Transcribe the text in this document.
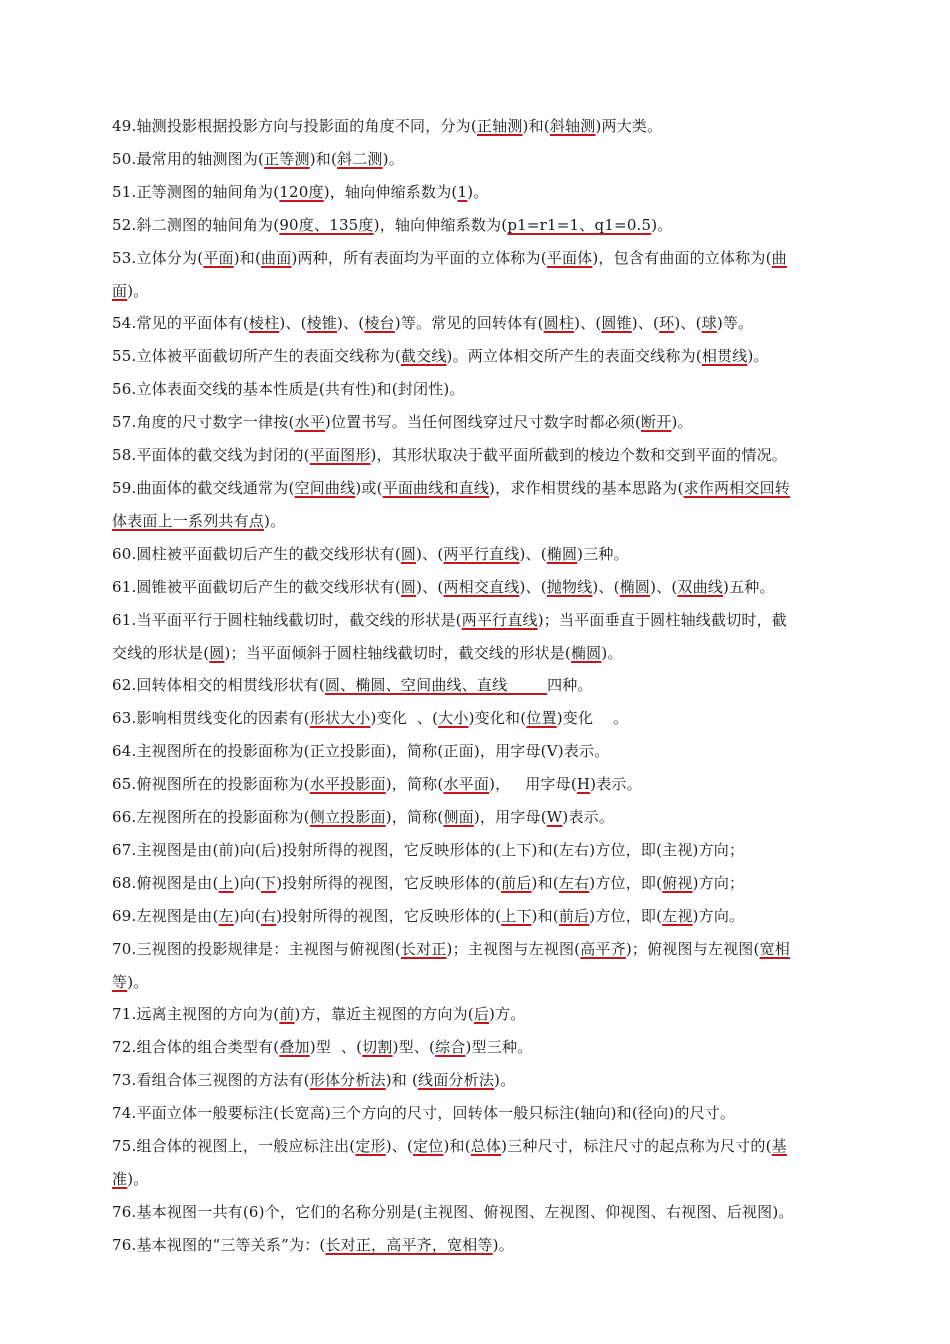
49.轴测投影根据投影方向与投影面的角度不同，分为(正轴测)和(斜轴测)两大类。
50.最常用的轴测图为(正等测)和(斜二测)。
51.正等测图的轴间角为(120度)，轴向伸缩系数为(1)。
52.斜二测图的轴间角为(90度、135度)，轴向伸缩系数为(p1=r1=1、q1=0.5)。
53.立体分为(平面)和(曲面)两种，所有表面均为平面的立体称为(平面体)，包含有曲面的立体称为(曲
面)。
54.常见的平面体有(棱柱)、(棱锥)、(棱台)等。常见的回转体有(圆柱)、(圆锥)、(环)、(球)等。
55.立体被平面截切所产生的表面交线称为(截交线)。两立体相交所产生的表面交线称为(相贯线)。
56.立体表面交线的基本性质是(共有性)和(封闭性)。
57.角度的尺寸数字一律按(水平)位置书写。当任何图线穿过尺寸数字时都必须(断开)。
58.平面体的截交线为封闭的(平面图形)，其形状取决于截平面所截到的棱边个数和交到平面的情况。
59.曲面体的截交线通常为(空间曲线)或(平面曲线和直线)，求作相贯线的基本思路为(求作两相交回转
体表面上一系列共有点)。
60.圆柱被平面截切后产生的截交线形状有(圆)、(两平行直线)、(椭圆)三种。
61.圆锥被平面截切后产生的截交线形状有(圆)、(两相交直线)、(抛物线)、(椭圆)、(双曲线)五种。
61.当平面平行于圆柱轴线截切时，截交线的形状是(两平行直线)；当平面垂直于圆柱轴线截切时，截
交线的形状是(圆)；当平面倾斜于圆柱轴线截切时，截交线的形状是(椭圆)。
62.回转体相交的相贯线形状有(圆、椭圆、空间曲线、直线        四种。
63.影响相贯线变化的因素有(形状大小)变化  、(大小)变化和(位置)变化    。
64.主视图所在的投影面称为(正立投影面)，简称(正面)，用字母(V)表示。
65.俯视图所在的投影面称为(水平投影面)，简称(水平面)，   用字母(H)表示。
66.左视图所在的投影面称为(侧立投影面)，简称(侧面)，用字母(W)表示。
67.主视图是由(前)向(后)投射所得的视图，它反映形体的(上下)和(左右)方位，即(主视)方向；
68.俯视图是由(上)向(下)投射所得的视图，它反映形体的(前后)和(左右)方位，即(俯视)方向；
69.左视图是由(左)向(右)投射所得的视图，它反映形体的(上下)和(前后)方位，即(左视)方向。
70.三视图的投影规律是：主视图与俯视图(长对正)；主视图与左视图(高平齐)；俯视图与左视图(宽相
等)。
71.远离主视图的方向为(前)方，靠近主视图的方向为(后)方。
72.组合体的组合类型有(叠加)型  、(切割)型、(综合)型三种。
73.看组合体三视图的方法有(形体分析法)和 (线面分析法)。
74.平面立体一般要标注(长宽高)三个方向的尺寸，回转体一般只标注(轴向)和(径向)的尺寸。
75.组合体的视图上，一般应标注出(定形)、(定位)和(总体)三种尺寸，标注尺寸的起点称为尺寸的(基
准)。
76.基本视图一共有(6)个，它们的名称分别是(主视图、俯视图、左视图、仰视图、右视图、后视图)。
76.基本视图的“三等关系”为：(长对正，高平齐，宽相等)。
